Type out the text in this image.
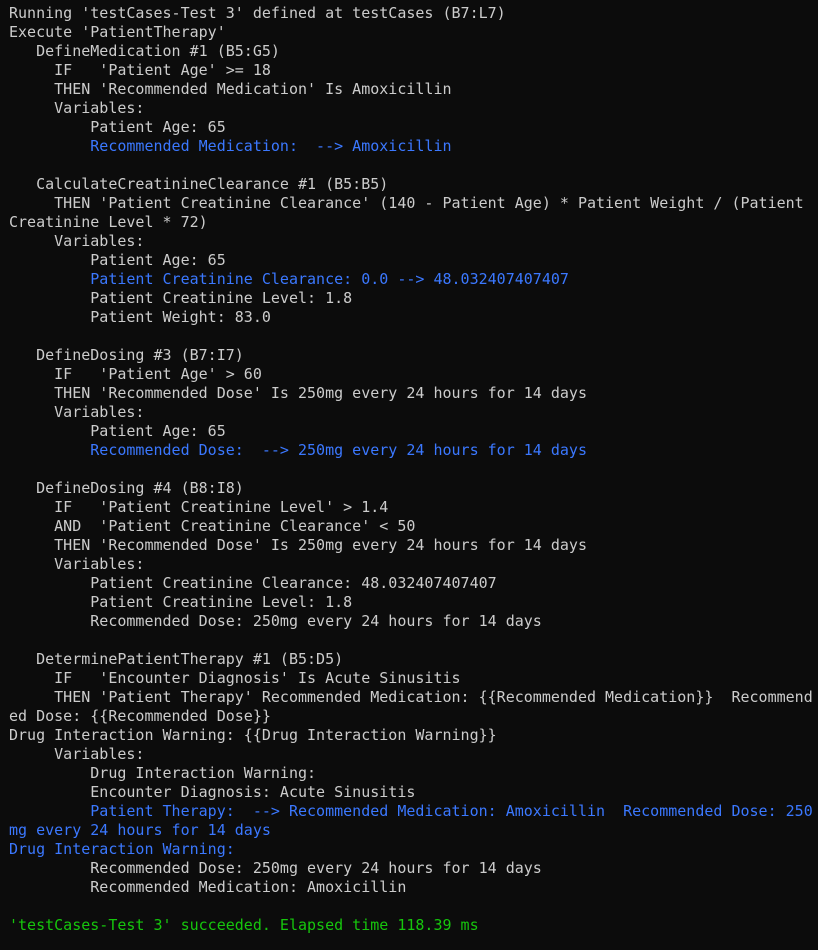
Running 'testCases-Test 3' defined at testCases (B7:L7)
Execute 'PatientTherapy'
DefineMedication #1 (B5:G5)
IF   'Patient Age' >= 18
THEN 'Recommended Medication' Is Amoxicillin
Variables:
Patient Age: 65
Recommended Medication:  --> Amoxicillin
CalculateCreatinineClearance #1 (B5:B5)
THEN 'Patient Creatinine Clearance' (140 - Patient Age) * Patient Weight / (Patient
Creatinine Level * 72)
Variables:
Patient Age: 65
Patient Creatinine Clearance: 0.0 --> 48.032407407407
Patient Creatinine Level: 1.8
Patient Weight: 83.0
DefineDosing #3 (B7:I7)
IF   'Patient Age' > 60
THEN 'Recommended Dose' Is 250mg every 24 hours for 14 days
Variables:
Patient Age: 65
Recommended Dose:  --> 250mg every 24 hours for 14 days
DefineDosing #4 (B8:I8)
IF   'Patient Creatinine Level' > 1.4
AND  'Patient Creatinine Clearance' < 50
THEN 'Recommended Dose' Is 250mg every 24 hours for 14 days
Variables:
Patient Creatinine Clearance: 48.032407407407
Patient Creatinine Level: 1.8
Recommended Dose: 250mg every 24 hours for 14 days
DeterminePatientTherapy #1 (B5:D5)
IF   'Encounter Diagnosis' Is Acute Sinusitis
THEN 'Patient Therapy' Recommended Medication: {{Recommended Medication}}  Recommend
ed Dose: {{Recommended Dose}}
Drug Interaction Warning: {{Drug Interaction Warning}}
Variables:
Drug Interaction Warning:
Encounter Diagnosis: Acute Sinusitis
Patient Therapy:  --> Recommended Medication: Amoxicillin  Recommended Dose: 250
mg every 24 hours for 14 days
Drug Interaction Warning:
Recommended Dose: 250mg every 24 hours for 14 days
Recommended Medication: Amoxicillin
'testCases-Test 3' succeeded. Elapsed time 118.39 ms
